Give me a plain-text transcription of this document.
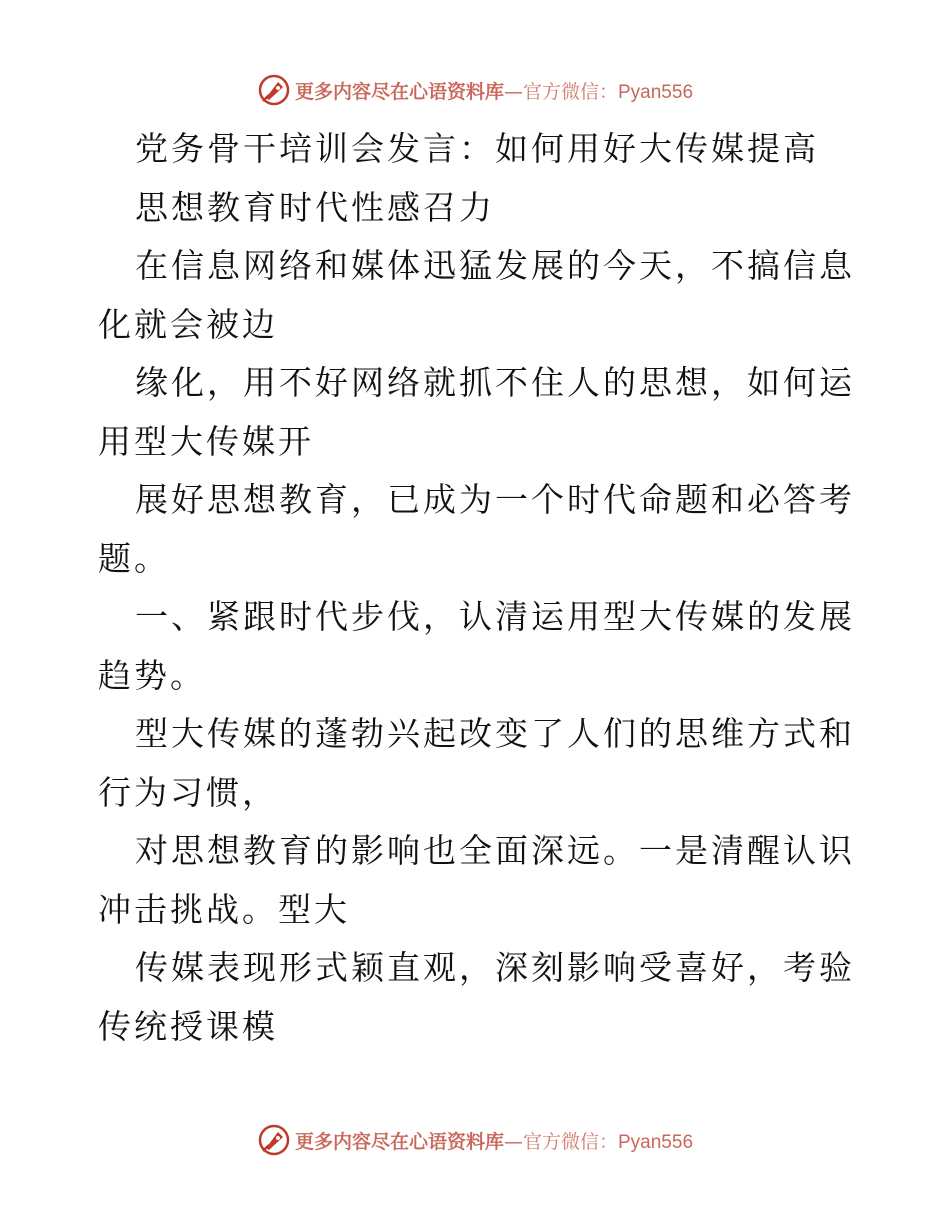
更多内容尽在心语资料库—官方微信：Pyan556

党务骨干培训会发言：如何用好大传媒提高思想教育时代性感召力

在信息网络和媒体迅猛发展的今天，不搞信息化就会被边

缘化，用不好网络就抓不住人的思想，如何运用型大传媒开

展好思想教育，已成为一个时代命题和必答考题。

一、紧跟时代步伐，认清运用型大传媒的发展趋势。

型大传媒的蓬勃兴起改变了人们的思维方式和行为习惯，

对思想教育的影响也全面深远。一是清醒认识冲击挑战。型大

传媒表现形式颖直观，深刻影响受喜好，考验传统授课模

更多内容尽在心语资料库—官方微信：Pyan556
